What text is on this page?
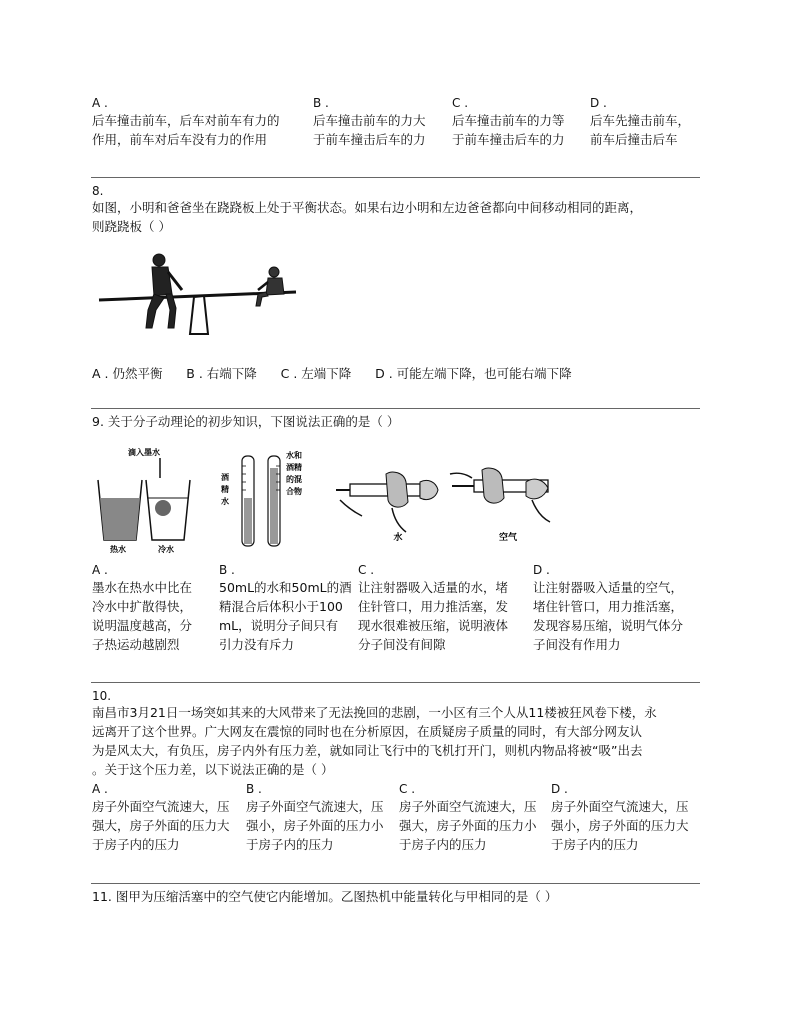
A .
后车撞击前车，后车对前车有力的
作用，前车对后车没有力的作用
B .
后车撞击前车的力大
于前车撞击后车的力
C .
后车撞击前车的力等
于前车撞击后车的力
D .
后车先撞击前车，
前车后撞击后车
8.
如图，小明和爸爸坐在跷跷板上处于平衡状态。如果右边小明和左边爸爸都向中间移动相同的距离，
则跷跷板（ ）
A . 仍然平衡      B . 右端下降      C . 左端下降      D . 可能左端下降，也可能右端下降
9. 关于分子动理论的初步知识，下图说法正确的是（ ）
滴入墨水
热水	冷水
酒精水
水和酒精的混合物
水	空气
A .
墨水在热水中比在
冷水中扩散得快，
说明温度越高，分
子热运动越剧烈
B .
50mL的水和50mL的酒
精混合后体积小于100
mL，说明分子间只有
引力没有斥力
C .
让注射器吸入适量的水，堵
住针管口，用力推活塞，发
现水很难被压缩，说明液体
分子间没有间隙
D .
让注射器吸入适量的空气，
堵住针管口，用力推活塞，
发现容易压缩，说明气体分
子间没有作用力
10.
南昌市3月21日一场突如其来的大风带来了无法挽回的悲剧，一小区有三个人从11楼被狂风卷下楼，永
远离开了这个世界。广大网友在震惊的同时也在分析原因，在质疑房子质量的同时，有大部分网友认
为是风太大，有负压，房子内外有压力差，就如同让飞行中的飞机打开门，则机内物品将被“吸”出去
。关于这个压力差，以下说法正确的是（ ）
A .
房子外面空气流速大，压
强大，房子外面的压力大
于房子内的压力
B .
房子外面空气流速大，压
强小，房子外面的压力小
于房子内的压力
C .
房子外面空气流速大，压
强大，房子外面的压力小
于房子内的压力
D .
房子外面空气流速大，压
强小，房子外面的压力大
于房子内的压力
11. 图甲为压缩活塞中的空气使它内能增加。乙图热机中能量转化与甲相同的是（ ）
